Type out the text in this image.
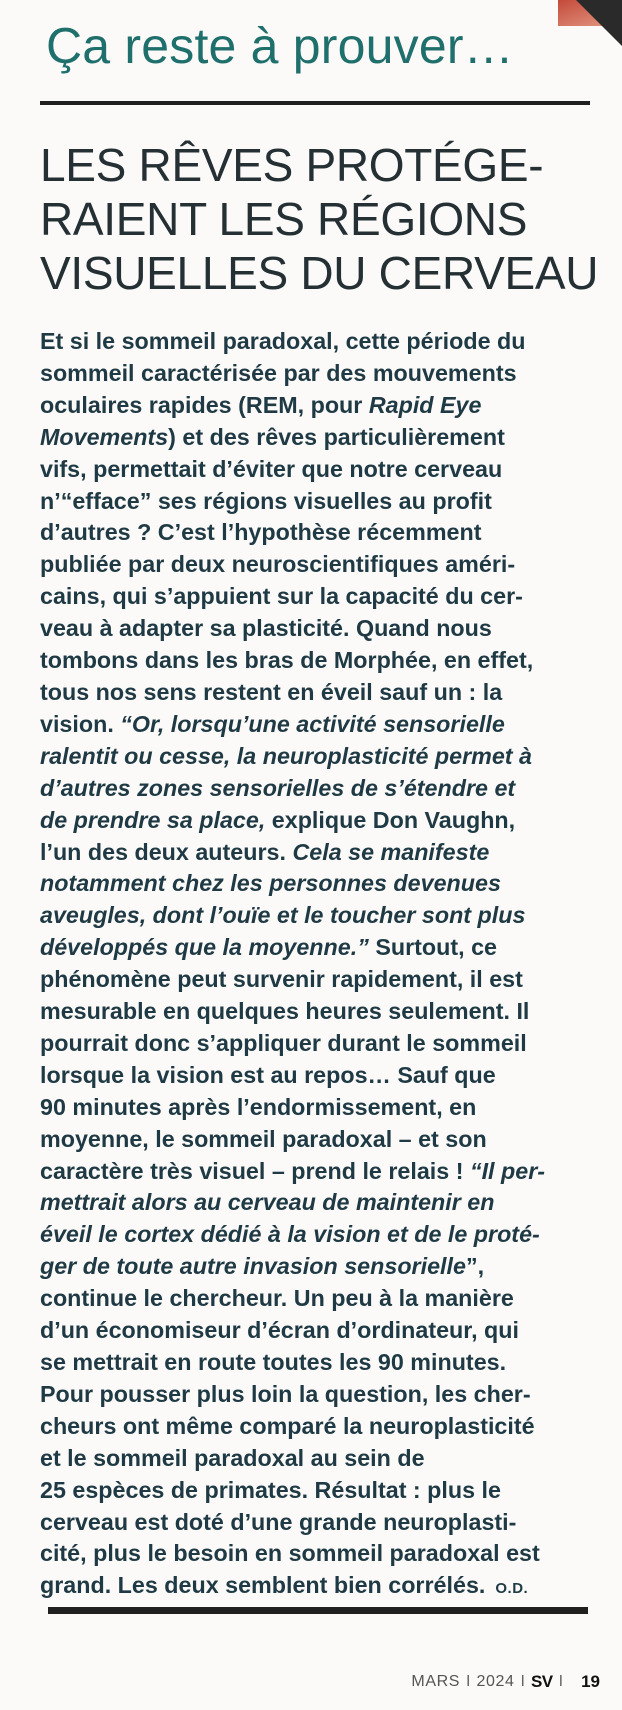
Ça reste à prouver…
LES RÊVES PROTÉGE-
RAIENT LES RÉGIONS
VISUELLES DU CERVEAU
Et si le sommeil paradoxal, cette période du
sommeil caractérisée par des mouvements
oculaires rapides (REM, pour Rapid Eye
Movements) et des rêves particulièrement
vifs, permettait d’éviter que notre cerveau
n’“efface” ses régions visuelles au profit
d’autres ? C’est l’hypothèse récemment
publiée par deux neuroscientifiques améri-
cains, qui s’appuient sur la capacité du cer-
veau à adapter sa plasticité. Quand nous
tombons dans les bras de Morphée, en effet,
tous nos sens restent en éveil sauf un : la
vision. “Or, lorsqu’une activité sensorielle
ralentit ou cesse, la neuroplasticité permet à
d’autres zones sensorielles de s’étendre et
de prendre sa place, explique Don Vaughn,
l’un des deux auteurs. Cela se manifeste
notamment chez les personnes devenues
aveugles, dont l’ouïe et le toucher sont plus
développés que la moyenne.” Surtout, ce
phénomène peut survenir rapidement, il est
mesurable en quelques heures seulement. Il
pourrait donc s’appliquer durant le sommeil
lorsque la vision est au repos… Sauf que
90 minutes après l’endormissement, en
moyenne, le sommeil paradoxal – et son
caractère très visuel – prend le relais ! “Il per-
mettrait alors au cerveau de maintenir en
éveil le cortex dédié à la vision et de le proté-
ger de toute autre invasion sensorielle”,
continue le chercheur. Un peu à la manière
d’un économiseur d’écran d’ordinateur, qui
se mettrait en route toutes les 90 minutes.
Pour pousser plus loin la question, les cher-
cheurs ont même comparé la neuroplasticité
et le sommeil paradoxal au sein de
25 espèces de primates. Résultat : plus le
cerveau est doté d’une grande neuroplasti-
cité, plus le besoin en sommeil paradoxal est
grand. Les deux semblent bien corrélés. O.D.
MARS I 2024 I SV I 19
